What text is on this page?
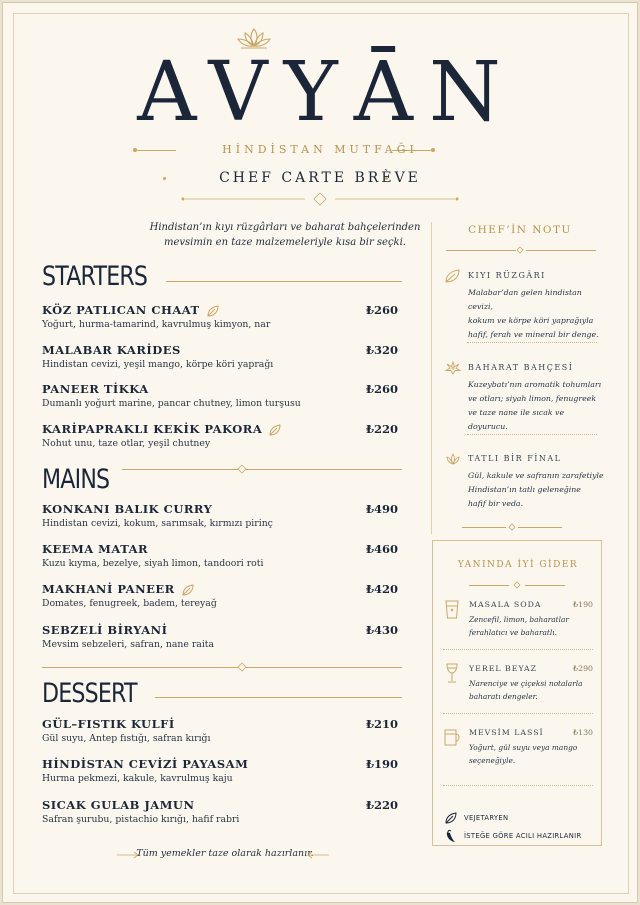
AVYĀN
HİNDİSTAN MUTFAĞI
CHEF CARTE BRÈVE
Hindistan’ın kıyı rüzgârları ve baharat bahçelerinden
mevsimin en taze malzemeleriyle kısa bir seçki.
STARTERS
KÖZ PATLICAN CHAAT
Yoğurt, hurma-tamarind, kavrulmuş kimyon, nar
₺260
MALABAR KARİDES
Hindistan cevizi, yeşil mango, körpe köri yaprağı
₺320
PANEER TİKKA
Dumanlı yoğurt marine, pancar chutney, limon turşusu
₺260
KARİPAPRAKLI KEKİK PAKORA
Nohut unu, taze otlar, yeşil chutney
₺220
MAINS
KONKANI BALIK CURRY
Hindistan cevizi, kokum, sarımsak, kırmızı pirinç
₺490
KEEMA MATAR
Kuzu kıyma, bezelye, siyah limon, tandoori roti
₺460
MAKHANİ PANEER
Domates, fenugreek, badem, tereyağ
₺420
SEBZELİ BİRYANİ
Mevsim sebzeleri, safran, nane raita
₺430
DESSERT
GÜL–FISTIK KULFİ
Gül suyu, Antep fıstığı, safran kırığı
₺210
HİNDİSTAN CEVİZİ PAYASAM
Hurma pekmezi, kakule, kavrulmuş kaju
₺190
SICAK GULAB JAMUN
Safran şurubu, pistachio kırığı, hafif rabri
₺220
Tüm yemekler taze olarak hazırlanır.
CHEF’İN NOTU
KIYI RÜZGÂRI
Malabar’dan gelen hindistan cevizi,
kokum ve körpe köri yaprağıyla
hafif, ferah ve mineral bir denge.
BAHARAT BAHÇESİ
Kuzeybatı’nın aromatik tohumları
ve otları; siyah limon, fenugreek
ve taze nane ile sıcak ve doyurucu.
TATLI BİR FİNAL
Gül, kakule ve safranın zarafetiyle
Hindistan’ın tatlı geleneğine
hafif bir veda.
YANINDA İYİ GİDER
MASALA SODA	₺190
Zencefil, limon, baharatlar
ferahlatıcı ve baharatlı.
YEREL BEYAZ	₺290
Narenciye ve çiçeksi notalarla
baharatı dengeler.
MEVSİM LASSİ	₺130
Yoğurt, gül suyu veya mango
seçeneğiyle.
VEJETARYEN
İSTEĞE GÖRE ACILI HAZIRLANIR
